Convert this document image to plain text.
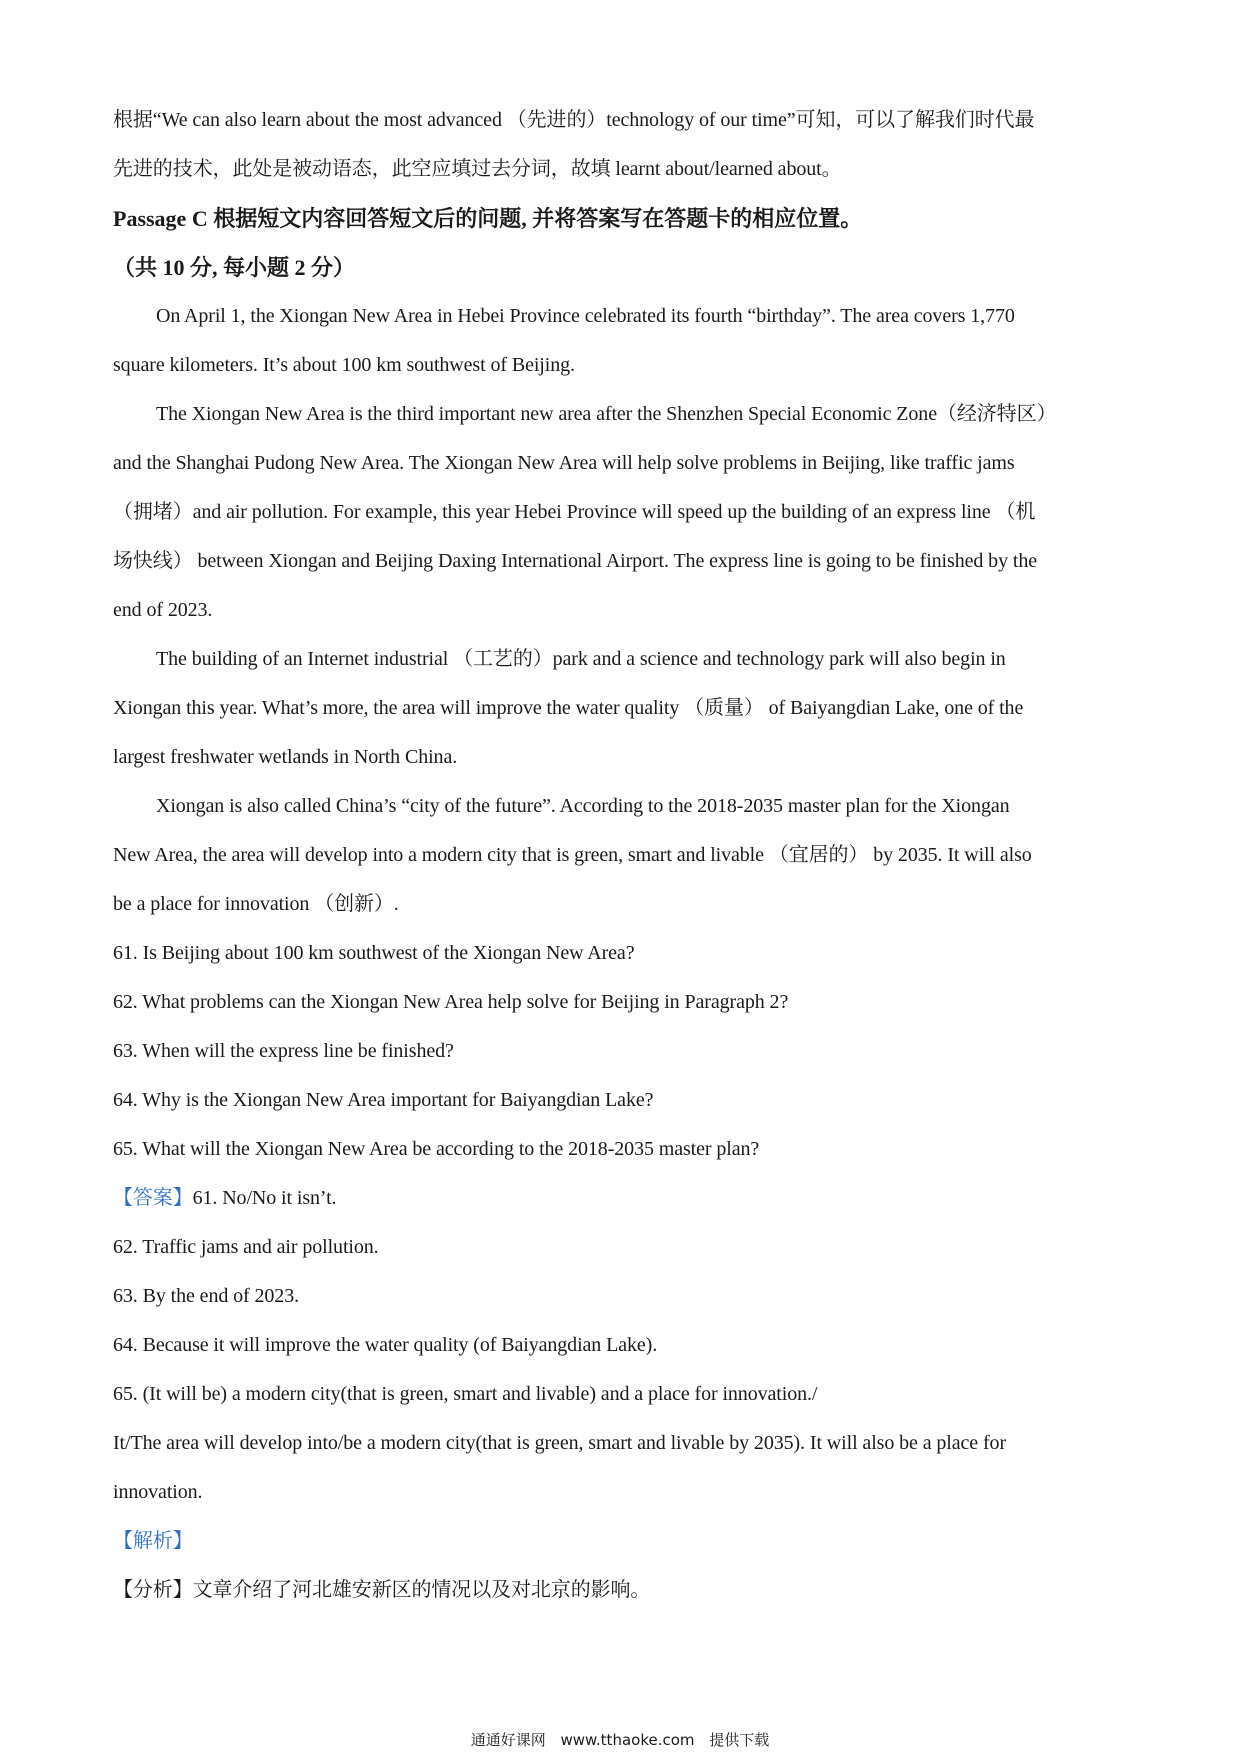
根据“We can also learn about the most advanced （先进的）technology of our time”可知，可以了解我们时代最

先进的技术，此处是被动语态，此空应填过去分词，故填 learnt about/learned about。

Passage C 根据短文内容回答短文后的问题, 并将答案写在答题卡的相应位置。

（共 10 分, 每小题 2 分）

On April 1, the Xiongan New Area in Hebei Province celebrated its fourth “birthday”. The area covers 1,770

square kilometers. It’s about 100 km southwest of Beijing.

The Xiongan New Area is the third important new area after the Shenzhen Special Economic Zone（经济特区）

and the Shanghai Pudong New Area. The Xiongan New Area will help solve problems in Beijing, like traffic jams

（拥堵）and air pollution. For example, this year Hebei Province will speed up the building of an express line （机

场快线） between Xiongan and Beijing Daxing International Airport. The express line is going to be finished by the

end of 2023.

The building of an Internet industrial （工艺的）park and a science and technology park will also begin in

Xiongan this year. What’s more, the area will improve the water quality （质量） of Baiyangdian Lake, one of the

largest freshwater wetlands in North China.

Xiongan is also called China’s “city of the future”. According to the 2018-2035 master plan for the Xiongan

New Area, the area will develop into a modern city that is green, smart and livable （宜居的） by 2035. It will also

be a place for innovation （创新）.

61. Is Beijing about 100 km southwest of the Xiongan New Area?

62. What problems can the Xiongan New Area help solve for Beijing in Paragraph 2?

63. When will the express line be finished?

64. Why is the Xiongan New Area important for Baiyangdian Lake?

65. What will the Xiongan New Area be according to the 2018-2035 master plan?

【答案】61. No/No it isn’t.

62. Traffic jams and air pollution.

63. By the end of 2023.

64. Because it will improve the water quality (of Baiyangdian Lake).

65. (It will be) a modern city(that is green, smart and livable) and a place for innovation./

It/The area will develop into/be a modern city(that is green, smart and livable by 2035). It will also be a place for

innovation.

【解析】

【分析】文章介绍了河北雄安新区的情况以及对北京的影响。

通通好课网 www.tthaoke.com 提供下载
